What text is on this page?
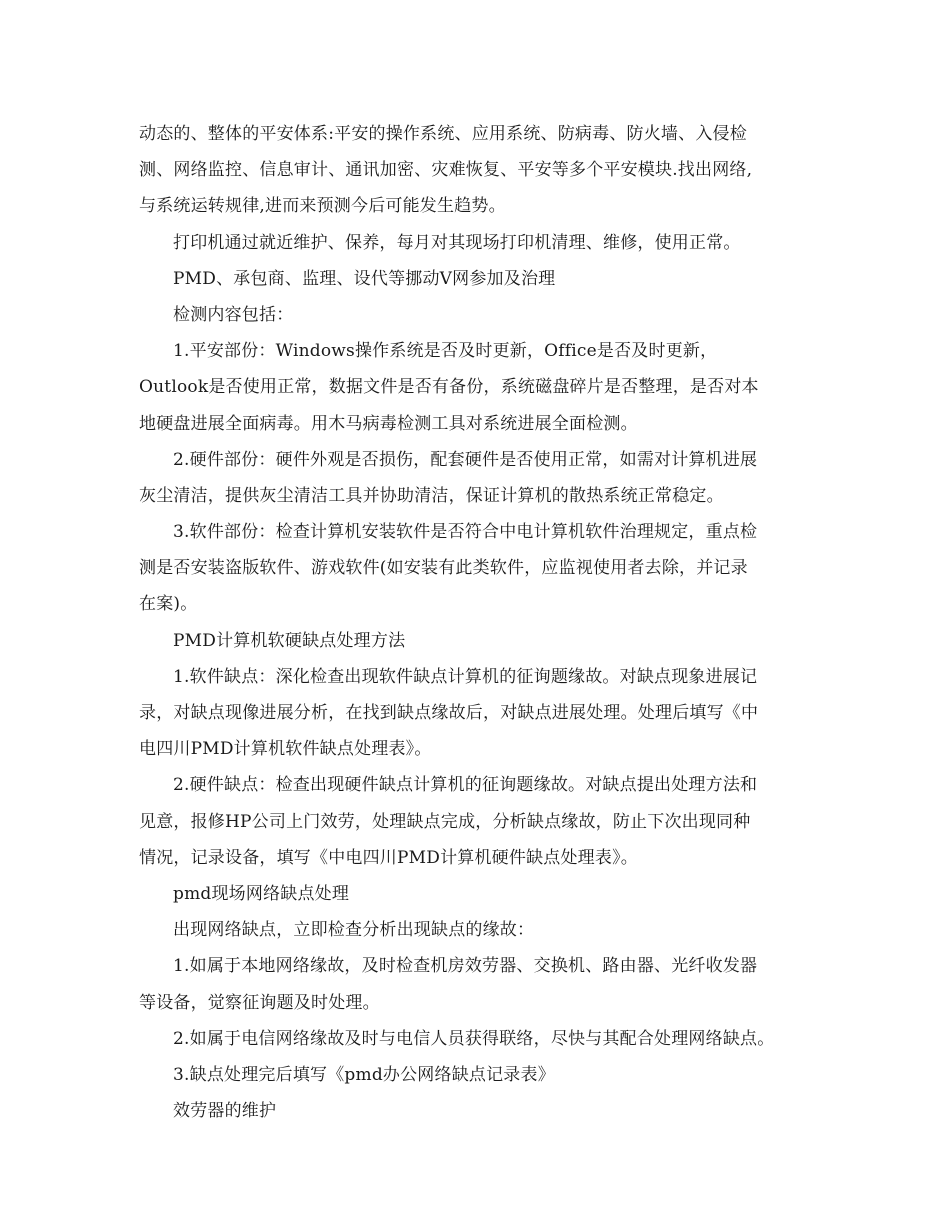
动态的、整体的平安体系:平安的操作系统、应用系统、防病毒、防火墙、入侵检
测、网络监控、信息审计、通讯加密、灾难恢复、平安等多个平安模块.找出网络,
与系统运转规律,进而来预测今后可能发生趋势。
打印机通过就近维护、保养，每月对其现场打印机清理、维修，使用正常。
PMD、承包商、监理、设代等挪动V网参加及治理
检测内容包括：
1.平安部份：Windows操作系统是否及时更新，Office是否及时更新，
Outlook是否使用正常，数据文件是否有备份，系统磁盘碎片是否整理，是否对本
地硬盘进展全面病毒。用木马病毒检测工具对系统进展全面检测。
2.硬件部份：硬件外观是否损伤，配套硬件是否使用正常，如需对计算机进展
灰尘清洁，提供灰尘清洁工具并协助清洁，保证计算机的散热系统正常稳定。
3.软件部份：检查计算机安装软件是否符合中电计算机软件治理规定，重点检
测是否安装盗版软件、游戏软件(如安装有此类软件，应监视使用者去除，并记录
在案)。
PMD计算机软硬缺点处理方法
1.软件缺点：深化检查出现软件缺点计算机的征询题缘故。对缺点现象进展记
录，对缺点现像进展分析，在找到缺点缘故后，对缺点进展处理。处理后填写《中
电四川PMD计算机软件缺点处理表》。
2.硬件缺点：检查出现硬件缺点计算机的征询题缘故。对缺点提出处理方法和
见意，报修HP公司上门效劳，处理缺点完成，分析缺点缘故，防止下次出现同种
情况，记录设备，填写《中电四川PMD计算机硬件缺点处理表》。
pmd现场网络缺点处理
出现网络缺点，立即检查分析出现缺点的缘故：
1.如属于本地网络缘故，及时检查机房效劳器、交换机、路由器、光纤收发器
等设备，觉察征询题及时处理。
2.如属于电信网络缘故及时与电信人员获得联络，尽快与其配合处理网络缺点。
3.缺点处理完后填写《pmd办公网络缺点记录表》
效劳器的维护
